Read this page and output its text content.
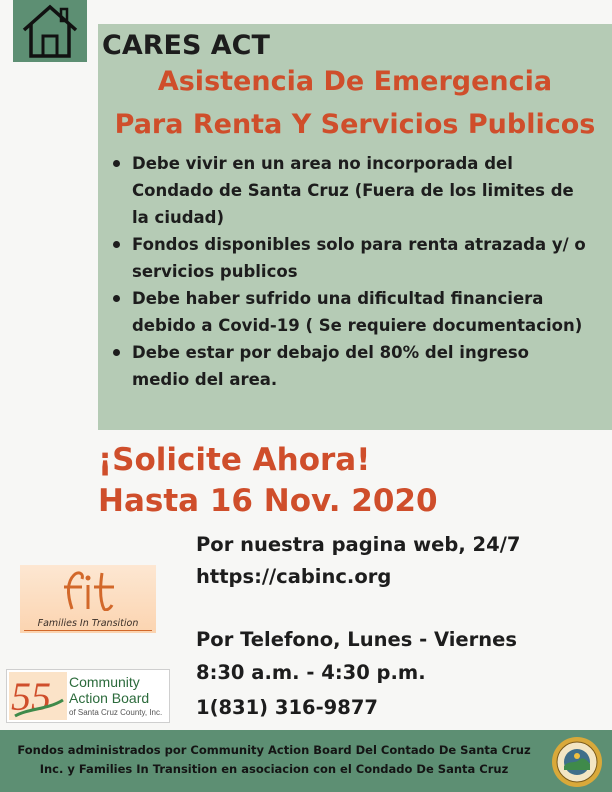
CARES ACT
Asistencia De Emergencia
Para Renta Y Servicios Publicos
Debe vivir en un area no incorporada del Condado de Santa Cruz (Fuera de los limites de la ciudad)
Fondos disponibles solo para renta atrazada y/ o servicios publicos
Debe haber sufrido una dificultad financiera debido a Covid-19 ( Se requiere documentacion)
Debe estar por debajo del 80% del ingreso medio del area.

¡Solicite Ahora!

Hasta 16 Nov. 2020

Por nuestra pagina web, 24/7

https://cabinc.org

Por Telefono, Lunes - Viernes

8:30 a.m. - 4:30 p.m.

1(831) 316-9877

Families In Transition
55 Community
Action Board
of Santa Cruz County, Inc.

Fondos administrados por Community Action Board Del Contado De Santa Cruz

Inc. y Families In Transition en asociacion con el Condado De Santa Cruz
